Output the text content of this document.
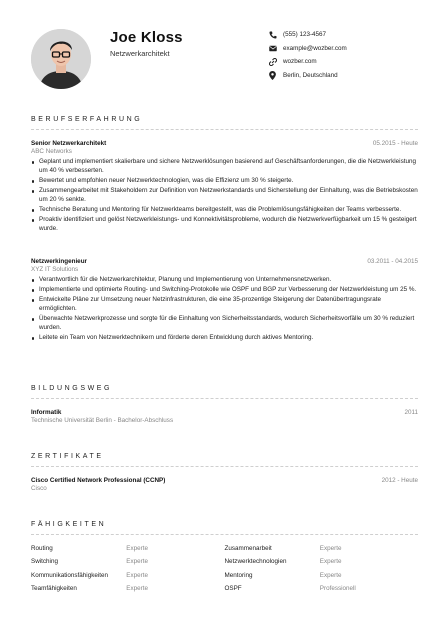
Joe Kloss
Netzwerkarchitekt
(555) 123-4567
example@wozber.com
wozber.com
Berlin, Deutschland
BERUFSERFAHRUNG
Senior Netzwerkarchitekt	05.2015 - Heute
ABC Networks
Geplant und implementiert skalierbare und sichere Netzwerklösungen basierend auf Geschäftsanforderungen, die die Netzwerkleistung um 40 % verbesserten.
Bewertet und empfohlen neuer Netzwerktechnologien, was die Effizienz um 30 % steigerte.
Zusammengearbeitet mit Stakeholdern zur Definition von Netzwerkstandards und Sicherstellung der Einhaltung, was die Betriebskosten um 20 % senkte.
Technische Beratung und Mentoring für Netzwerkteams bereitgestellt, was die Problemlösungsfähigkeiten der Teams verbesserte.
Proaktiv identifiziert und gelöst Netzwerkleistungs- und Konnektivitätsprobleme, wodurch die Netzwerkverfügbarkeit um 15 % gesteigert wurde.
Netzwerkingenieur	03.2011 - 04.2015
XYZ IT Solutions
Verantwortlich für die Netzwerkarchitektur, Planung und Implementierung von Unternehmensnetzwerken.
Implementierte und optimierte Routing- und Switching-Protokolle wie OSPF und BGP zur Verbesserung der Netzwerkleistung um 25 %.
Entwickelte Pläne zur Umsetzung neuer Netzinfrastrukturen, die eine 35-prozentige Steigerung der Datenübertragungsrate ermöglichten.
Überwachte Netzwerkprozesse und sorgte für die Einhaltung von Sicherheitsstandards, wodurch Sicherheitsvorfälle um 30 % reduziert wurden.
Leitete ein Team von Netzwerktechnikern und förderte deren Entwicklung durch aktives Mentoring.
BILDUNGSWEG
Informatik	2011
Technische Universität Berlin - Bachelor-Abschluss
ZERTIFIKATE
Cisco Certified Network Professional (CCNP)	2012 - Heute
Cisco
FÄHIGKEITEN
Routing	Experte	Zusammenarbeit	Experte
Switching	Experte	Netzwerktechnologien	Experte
Kommunikationsfähigkeiten	Experte	Mentoring	Experte
Teamfähigkeiten	Experte	OSPF	Professionell
